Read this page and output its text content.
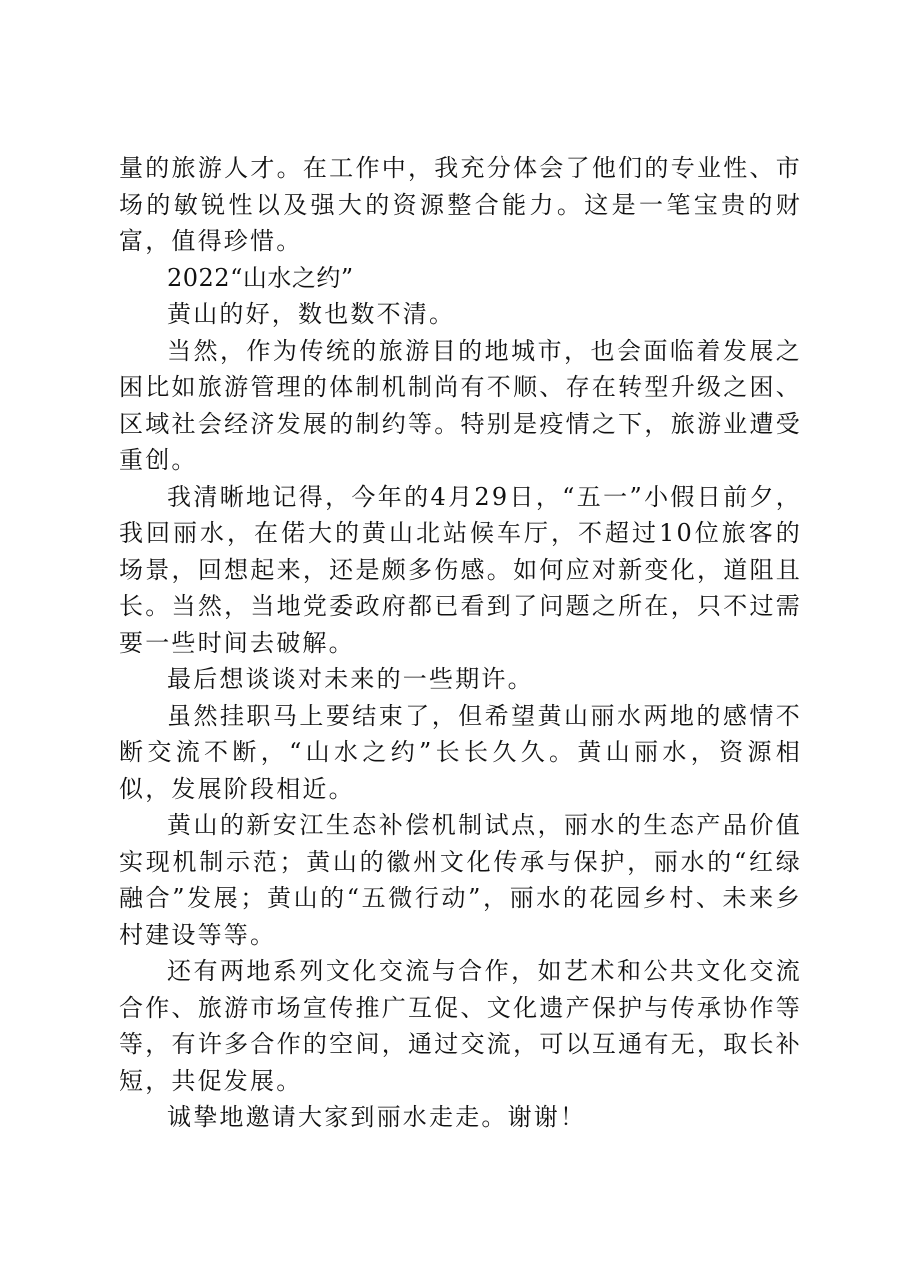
量的旅游人才。在工作中，我充分体会了他们的专业性、市场的敏锐性以及强大的资源整合能力。这是一笔宝贵的财富，值得珍惜。

2022“山水之约”

黄山的好，数也数不清。

当然，作为传统的旅游目的地城市，也会面临着发展之困比如旅游管理的体制机制尚有不顺、存在转型升级之困、区域社会经济发展的制约等。特别是疫情之下，旅游业遭受重创。

我清晰地记得，今年的4月29日，“五一”小假日前夕，我回丽水，在偌大的黄山北站候车厅，不超过10位旅客的场景，回想起来，还是颇多伤感。如何应对新变化，道阻且长。当然，当地党委政府都已看到了问题之所在，只不过需要一些时间去破解。

最后想谈谈对未来的一些期许。

虽然挂职马上要结束了，但希望黄山丽水两地的感情不断交流不断，“山水之约”长长久久。黄山丽水，资源相似，发展阶段相近。

黄山的新安江生态补偿机制试点，丽水的生态产品价值实现机制示范；黄山的徽州文化传承与保护，丽水的“红绿融合”发展；黄山的“五微行动”，丽水的花园乡村、未来乡村建设等等。

还有两地系列文化交流与合作，如艺术和公共文化交流合作、旅游市场宣传推广互促、文化遗产保护与传承协作等等，有许多合作的空间，通过交流，可以互通有无，取长补短，共促发展。

诚挚地邀请大家到丽水走走。谢谢！
